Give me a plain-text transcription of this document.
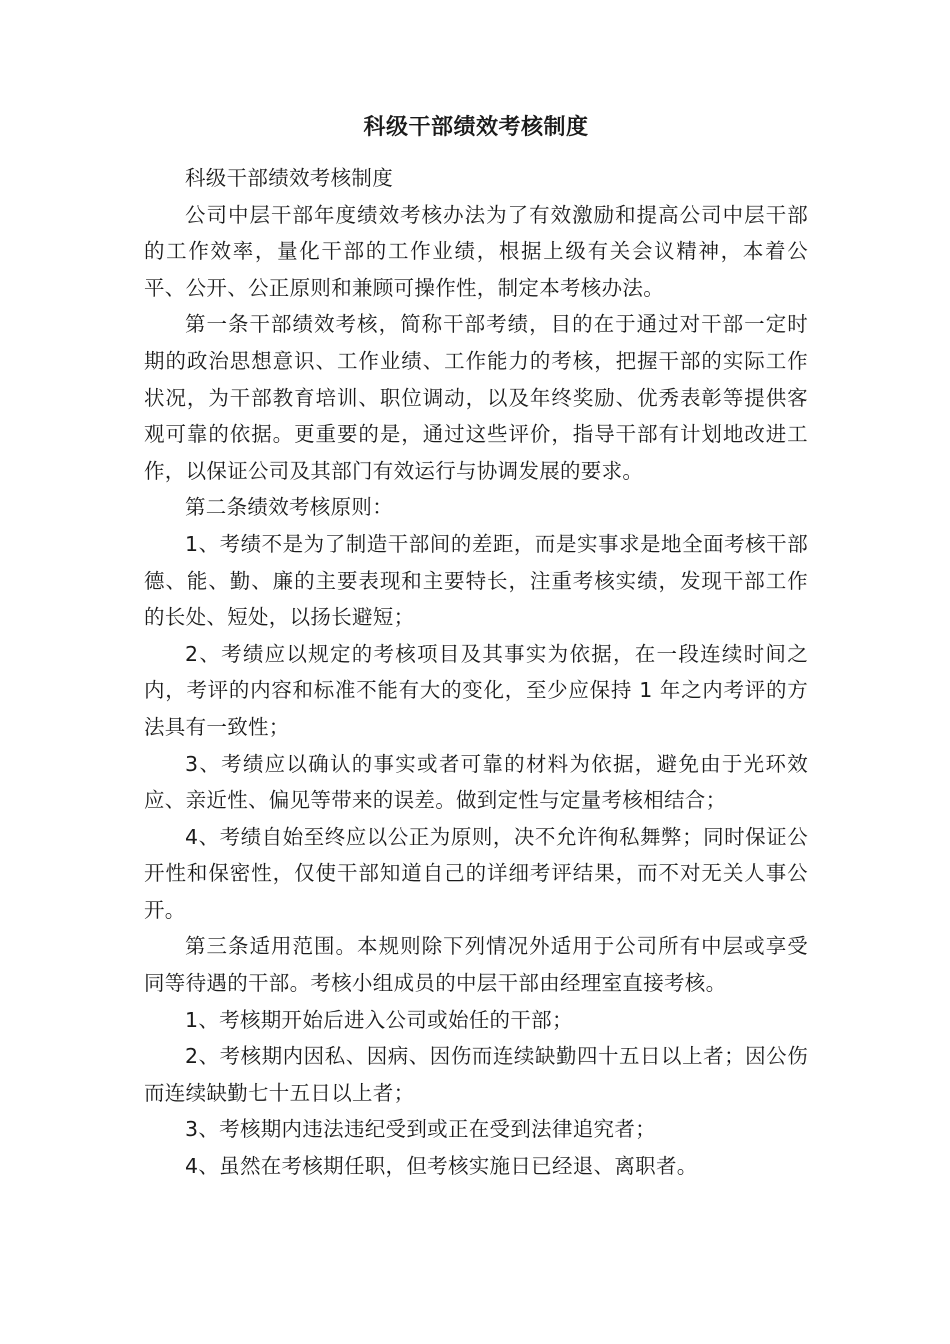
科级干部绩效考核制度

科级干部绩效考核制度

公司中层干部年度绩效考核办法为了有效激励和提高公司中层干部的工作效率，量化干部的工作业绩，根据上级有关会议精神，本着公平、公开、公正原则和兼顾可操作性，制定本考核办法。

第一条干部绩效考核，简称干部考绩，目的在于通过对干部一定时期的政治思想意识、工作业绩、工作能力的考核，把握干部的实际工作状况，为干部教育培训、职位调动，以及年终奖励、优秀表彰等提供客观可靠的依据。更重要的是，通过这些评价，指导干部有计划地改进工作，以保证公司及其部门有效运行与协调发展的要求。

第二条绩效考核原则：

1、考绩不是为了制造干部间的差距，而是实事求是地全面考核干部德、能、勤、廉的主要表现和主要特长，注重考核实绩，发现干部工作的长处、短处，以扬长避短；

2、考绩应以规定的考核项目及其事实为依据，在一段连续时间之内，考评的内容和标准不能有大的变化，至少应保持 1 年之内考评的方法具有一致性；

3、考绩应以确认的事实或者可靠的材料为依据，避免由于光环效应、亲近性、偏见等带来的误差。做到定性与定量考核相结合；

4、考绩自始至终应以公正为原则，决不允许徇私舞弊；同时保证公开性和保密性，仅使干部知道自己的详细考评结果，而不对无关人事公开。

第三条适用范围。本规则除下列情况外适用于公司所有中层或享受同等待遇的干部。考核小组成员的中层干部由经理室直接考核。

1、考核期开始后进入公司或始任的干部；

2、考核期内因私、因病、因伤而连续缺勤四十五日以上者；因公伤而连续缺勤七十五日以上者；

3、考核期内违法违纪受到或正在受到法律追究者；

4、虽然在考核期任职，但考核实施日已经退、离职者。
